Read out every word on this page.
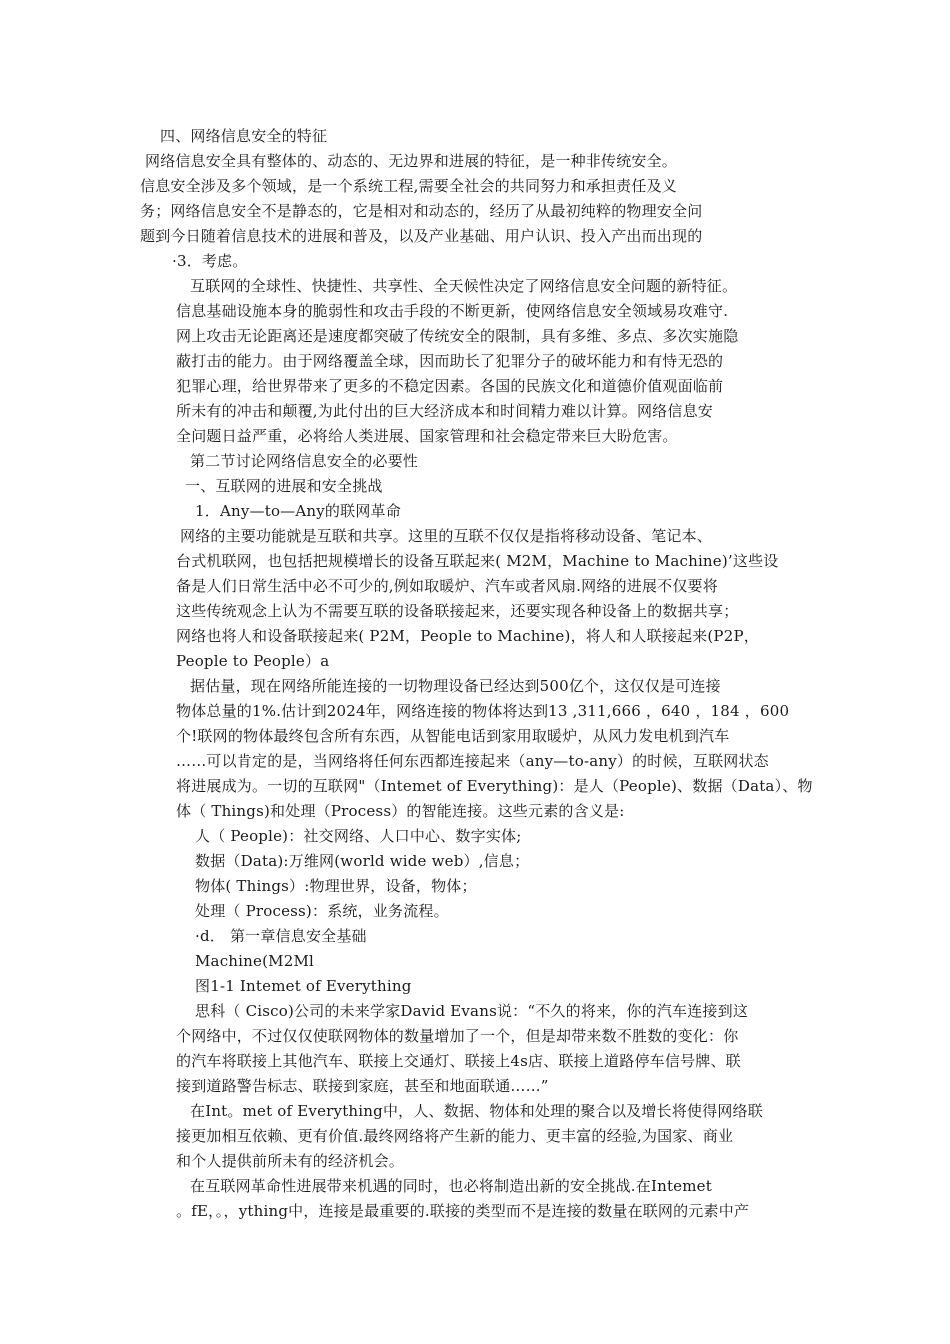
四、网络信息安全的特征
网络信息安全具有整体的、动态的、无边界和进展的特征，是一种非传统安全。
信息安全涉及多个领域，是一个系统工程,需要全社会的共同努力和承担责任及义
务；网络信息安全不是静态的，它是相对和动态的，经历了从最初纯粹的物理安全问
题到今日随着信息技术的进展和普及，以及产业基础、用户认识、投入产出而出现的
·3．考虑。
互联网的全球性、快捷性、共享性、全天候性决定了网络信息安全问题的新特征。
信息基础设施本身的脆弱性和攻击手段的不断更新，使网络信息安全领域易攻难守.
网上攻击无论距离还是速度都突破了传统安全的限制，具有多维、多点、多次实施隐
蔽打击的能力。由于网络覆盖全球，因而助长了犯罪分子的破坏能力和有恃无恐的
犯罪心理，给世界带来了更多的不稳定因素。各国的民族文化和道德价值观面临前
所未有的冲击和颠覆,为此付出的巨大经济成本和时间精力难以计算。网络信息安
全问题日益严重，必将给人类进展、国家管理和社会稳定带来巨大盼危害。
第二节讨论网络信息安全的必要性
一、互联网的进展和安全挑战
1．Any—to—Any的联网革命
网络的主要功能就是互联和共享。这里的互联不仅仅是指将移动设备、笔记本、
台式机联网，也包括把规模增长的设备互联起来( M2M，Machine to Machine)’这些设
备是人们日常生活中必不可少的,例如取暖炉、汽车或者风扇.网络的进展不仅要将
这些传统观念上认为不需要互联的设备联接起来，还要实现各种设备上的数据共享；
网络也将人和设备联接起来( P2M，People to Machine)，将人和人联接起来(P2P，
People to People）a
据估量，现在网络所能连接的一切物理设备已经达到500亿个，这仅仅是可连接
物体总量的1%.估计到2024年，网络连接的物体将达到13 ,311,666 ，640 ，184 ，600
个!联网的物体最终包含所有东西，从智能电话到家用取暖炉，从风力发电机到汽车
……可以肯定的是，当网络将任何东西都连接起来（any—to-any）的时候，互联网状态
将进展成为。一切的互联网"（Intemet of Everything)：是人（People)、数据（Data）、物
体（ Things)和处理（Process）的智能连接。这些元素的含义是:
人（ People)：社交网络、人口中心、数字实体;
数据（Data):万维网(world wide web）,信息；
物体( Things）:物理世界，设备，物体；
处理（ Process)：系统，业务流程。
·d． 第一章信息安全基础
Machine(M2Ml
图1-1 Intemet of Everything
思科（ Cisco)公司的未来学家David Evans说：“不久的将来，你的汽车连接到这
个网络中，不过仅仅使联网物体的数量增加了一个，但是却带来数不胜数的变化：你
的汽车将联接上其他汽车、联接上交通灯、联接上4s店、联接上道路停车信号牌、联
接到道路警告标志、联接到家庭，甚至和地面联通……”
在Int。met of Everything中，人、数据、物体和处理的聚合以及增长将使得网络联
接更加相互依赖、更有价值.最终网络将产生新的能力、更丰富的经验,为国家、商业
和个人提供前所未有的经济机会。
在互联网革命性进展带来机遇的同时，也必将制造出新的安全挑战.在Intemet
。fE，。，ything中，连接是最重要的.联接的类型而不是连接的数量在联网的元素中产
